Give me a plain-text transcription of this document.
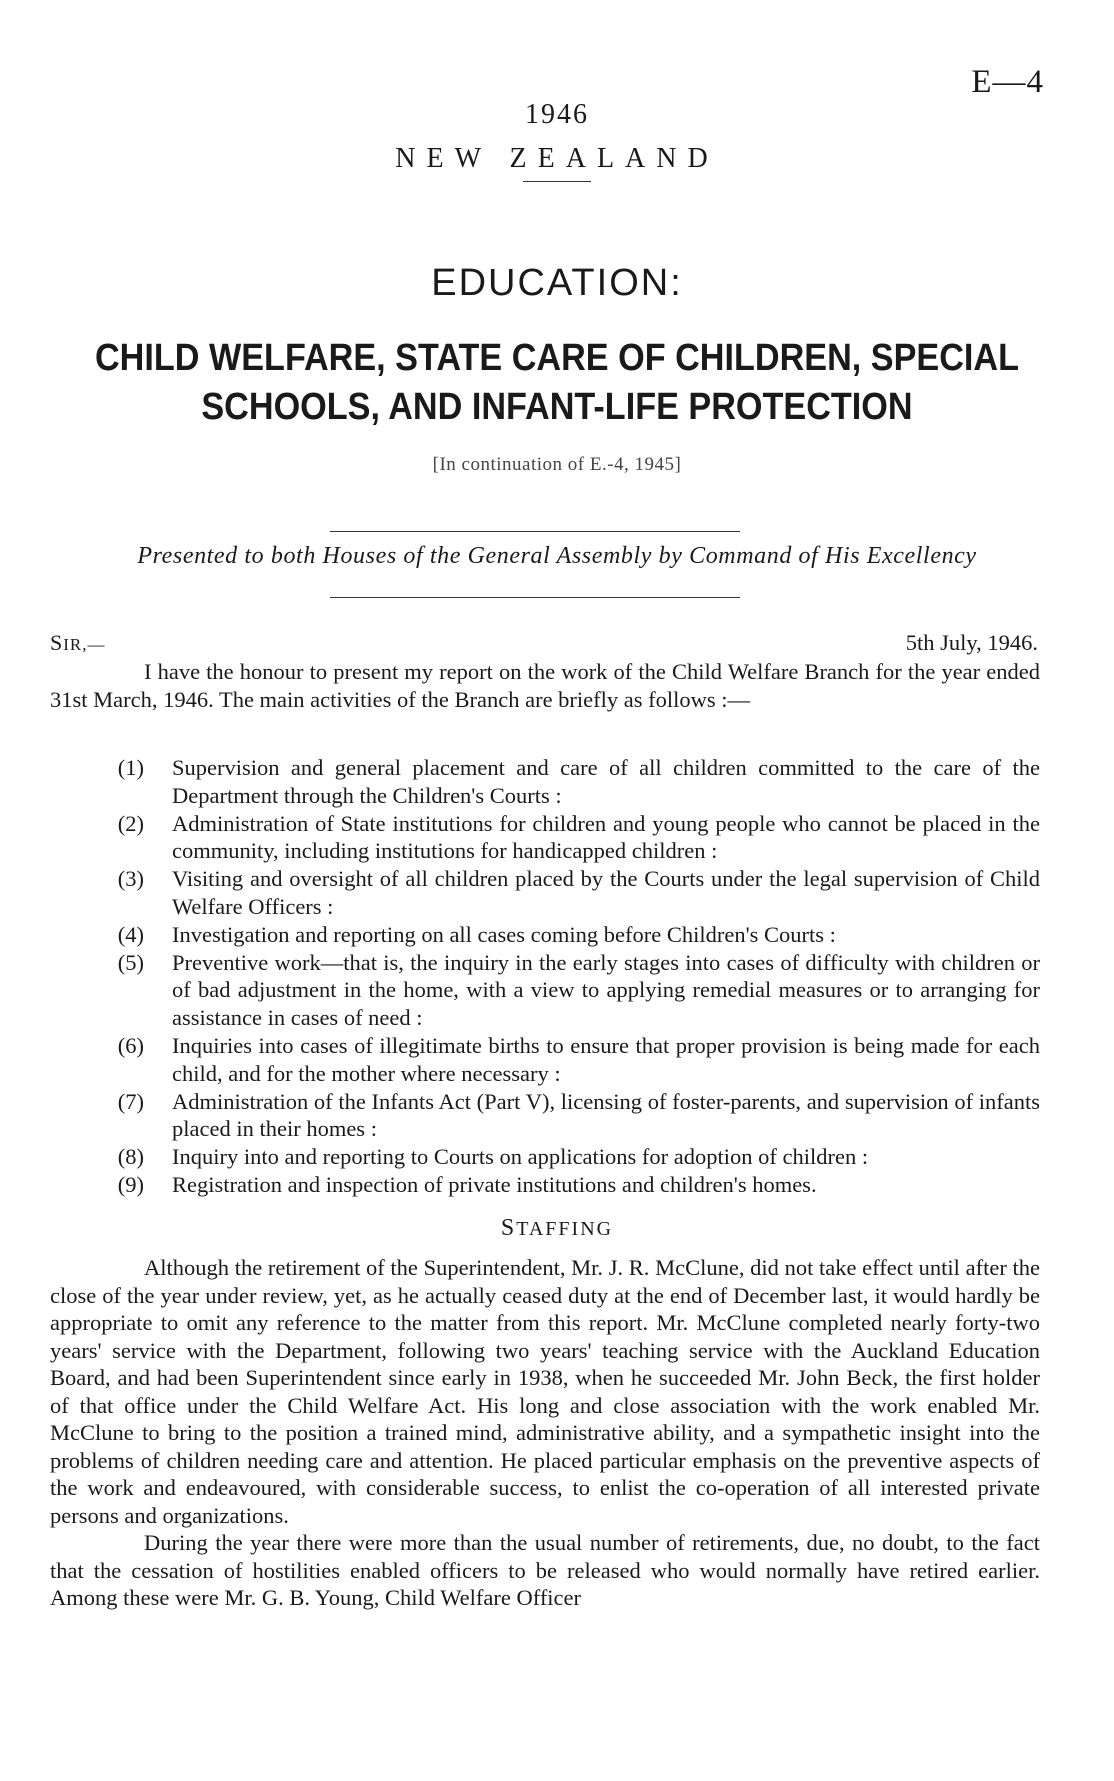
E—4
1946
NEW ZEALAND
EDUCATION:
CHILD WELFARE, STATE CARE OF CHILDREN, SPECIAL
SCHOOLS, AND INFANT-LIFE PROTECTION
[In continuation of E.-4, 1945]
Presented to both Houses of the General Assembly by Command of His Excellency
SIR,—	5th July, 1946.

I have the honour to present my report on the work of the Child Welfare Branch for the year ended 31st March, 1946. The main activities of the Branch are briefly as follows :—

(1) Supervision and general placement and care of all children committed to the care of the Department through the Children's Courts :
(2) Administration of State institutions for children and young people who cannot be placed in the community, including institutions for handicapped children :
(3) Visiting and oversight of all children placed by the Courts under the legal supervision of Child Welfare Officers :
(4) Investigation and reporting on all cases coming before Children's Courts :
(5) Preventive work—that is, the inquiry in the early stages into cases of difficulty with children or of bad adjustment in the home, with a view to applying remedial measures or to arranging for assistance in cases of need :
(6) Inquiries into cases of illegitimate births to ensure that proper provision is being made for each child, and for the mother where necessary :
(7) Administration of the Infants Act (Part V), licensing of foster-parents, and supervision of infants placed in their homes :
(8) Inquiry into and reporting to Courts on applications for adoption of children :
(9) Registration and inspection of private institutions and children's homes.
STAFFING

Although the retirement of the Superintendent, Mr. J. R. McClune, did not take effect until after the close of the year under review, yet, as he actually ceased duty at the end of December last, it would hardly be appropriate to omit any reference to the matter from this report. Mr. McClune completed nearly forty-two years' service with the Department, following two years' teaching service with the Auckland Education Board, and had been Superintendent since early in 1938, when he succeeded Mr. John Beck, the first holder of that office under the Child Welfare Act. His long and close association with the work enabled Mr. McClune to bring to the position a trained mind, administrative ability, and a sympathetic insight into the problems of children needing care and attention. He placed particular emphasis on the preventive aspects of the work and endeavoured, with considerable success, to enlist the co-operation of all interested private persons and organizations.

During the year there were more than the usual number of retirements, due, no doubt, to the fact that the cessation of hostilities enabled officers to be released who would normally have retired earlier. Among these were Mr. G. B. Young, Child Welfare Officer
